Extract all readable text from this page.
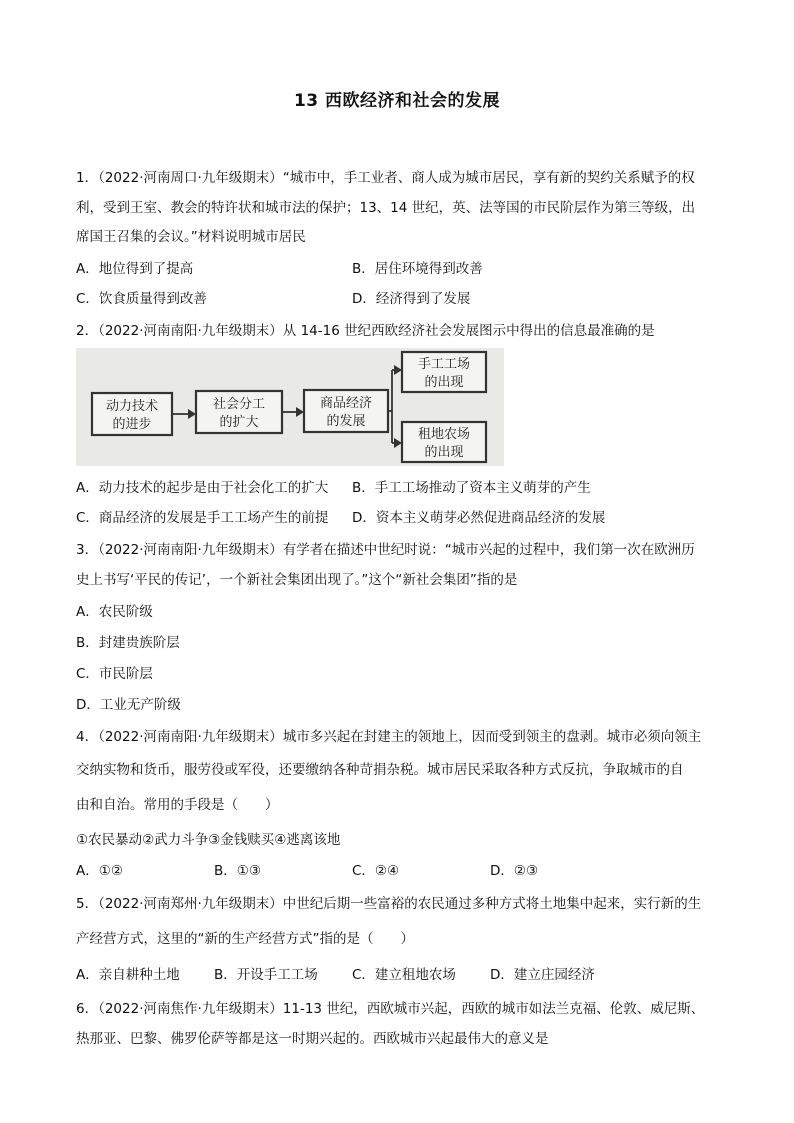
13 西欧经济和社会的发展
1．（2022·河南周口·九年级期末）“城市中，手工业者、商人成为城市居民，享有新的契约关系赋予的权
利，受到王室、教会的特许状和城市法的保护；13、14 世纪，英、法等国的市民阶层作为第三等级，出
席国王召集的会议。”材料说明城市居民
A．地位得到了提高	B．居住环境得到改善
C．饮食质量得到改善	D．经济得到了发展
2．（2022·河南南阳·九年级期末）从 14-16 世纪西欧经济社会发展图示中得出的信息最准确的是
动力技术
的进步
社会分工
的扩大
商品经济
的发展
手工工场
的出现
租地农场
的出现
A．动力技术的起步是由于社会化工的扩大 B．手工工场推动了资本主义萌芽的产生
C．商品经济的发展是手工工场产生的前提 D．资本主义萌芽必然促进商品经济的发展
3．（2022·河南南阳·九年级期末）有学者在描述中世纪时说：“城市兴起的过程中，我们第一次在欧洲历
史上书写‘平民的传记’，一个新社会集团出现了。”这个“新社会集团”指的是
A．农民阶级
B．封建贵族阶层
C．市民阶层
D．工业无产阶级
4．（2022·河南南阳·九年级期末）城市多兴起在封建主的领地上，因而受到领主的盘剥。城市必须向领主
交纳实物和货币，服劳役或军役，还要缴纳各种苛捐杂税。城市居民采取各种方式反抗，争取城市的自
由和自治。常用的手段是（　　）
①农民暴动②武力斗争③金钱赎买④逃离该地
A．①②	B．①③	C．②④	D．②③
5．（2022·河南郑州·九年级期末）中世纪后期一些富裕的农民通过多种方式将土地集中起来，实行新的生
产经营方式，这里的“新的生产经营方式”指的是（　　）
A．亲自耕种土地	B．开设手工工场	C．建立租地农场	D．建立庄园经济
6．（2022·河南焦作·九年级期末）11-13 世纪，西欧城市兴起，西欧的城市如法兰克福、伦敦、威尼斯、
热那亚、巴黎、佛罗伦萨等都是这一时期兴起的。西欧城市兴起最伟大的意义是
